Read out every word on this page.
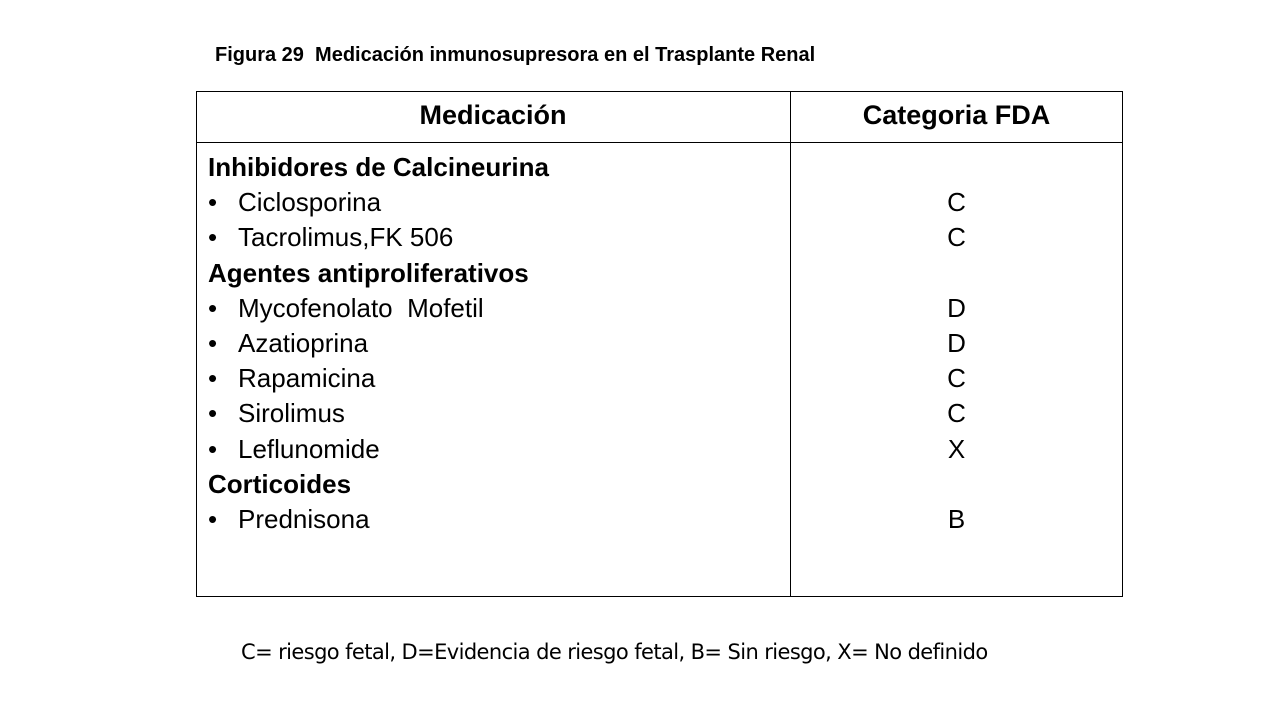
Figura 29  Medicación inmunosupresora en el Trasplante Renal
Medicación	Categoria FDA
Inhibidores de Calcineurina
• Ciclosporina
• Tacrolimus,FK 506
Agentes antiproliferativos
• Mycofenolato  Mofetil
• Azatioprina
• Rapamicina
• Sirolimus
• Leflunomide
Corticoides
• Prednisona
C
C
D
D
C
C
X
B
C= riesgo fetal, D=Evidencia de riesgo fetal, B= Sin riesgo, X= No definido
